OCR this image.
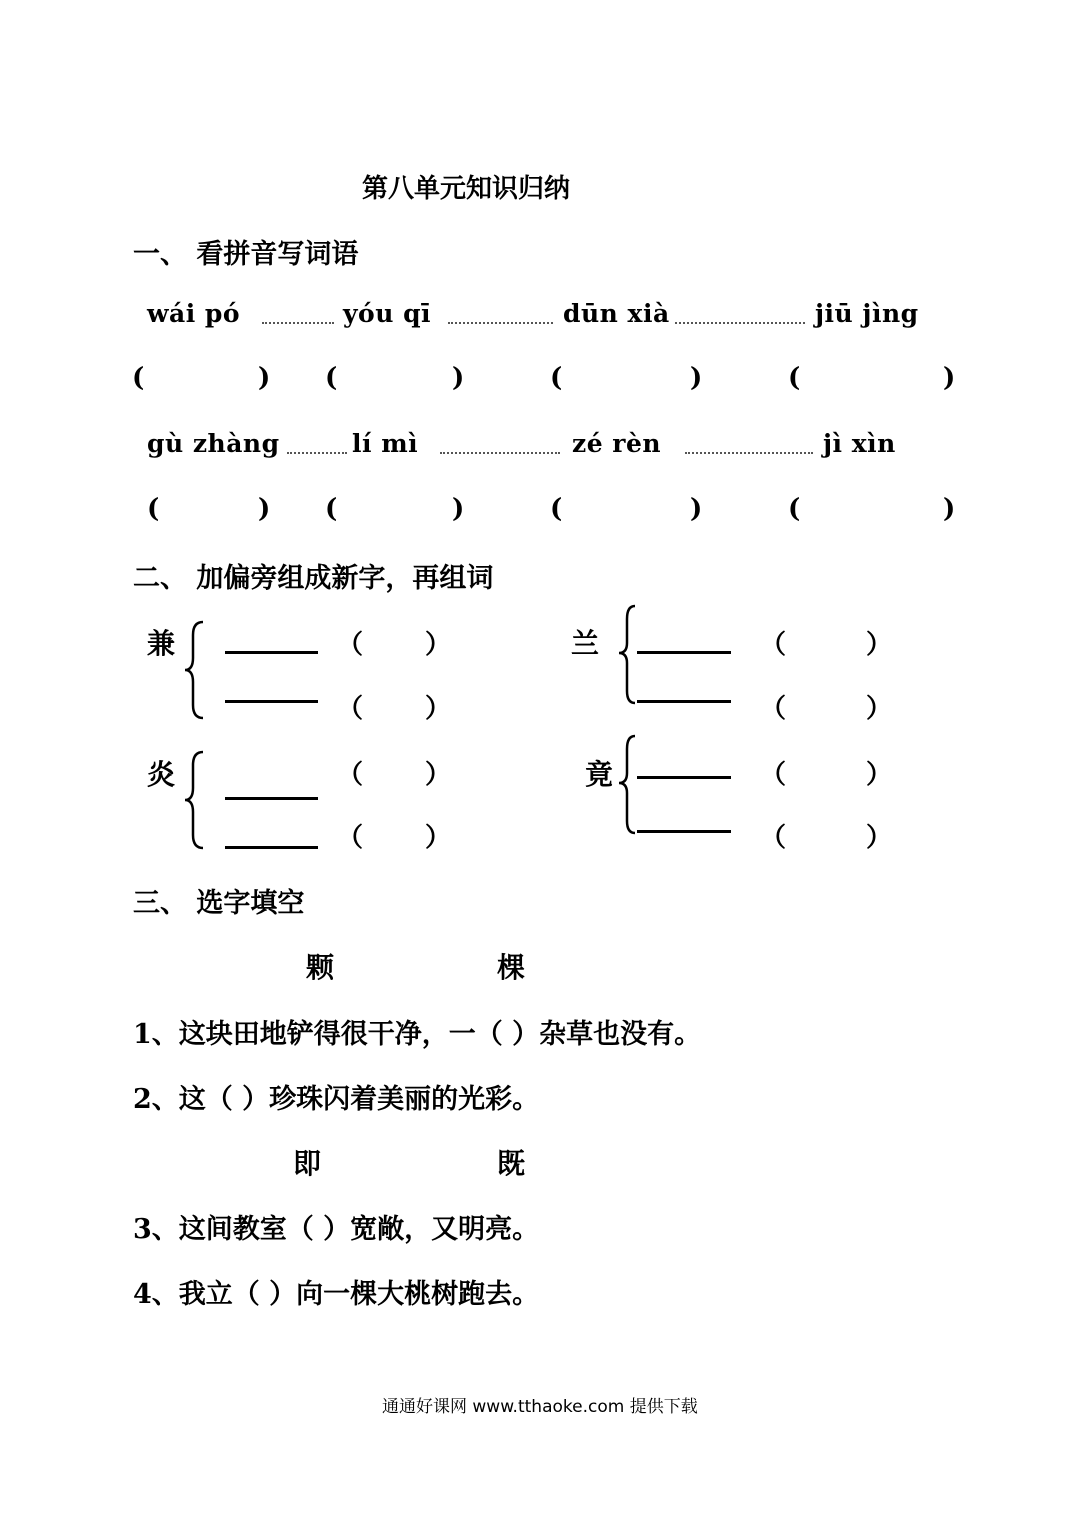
第八单元知识归纳
一、 看拼音写词语
wái pó	yóu qī	dūn xià	jiū jìng
(	) (	)	(	)	(	)
gù zhàng	lí mì	zé rèn	jì xìn
(	) (	)	(	)	(	)
二、 加偏旁组成新字，再组词
兼	（ ）
（ ）
兰	（	）
（	）
炎	（ ）
（ ）
竟	（	）
（	）
三、 选字填空
颗	棵
1、这块田地铲得很干净，一（ ）杂草也没有。
2、这（ ）珍珠闪着美丽的光彩。
即	既
3、这间教室（ ）宽敞，又明亮。
4、我立（ ）向一棵大桃树跑去。
通通好课网 www.tthaoke.com 提供下载
